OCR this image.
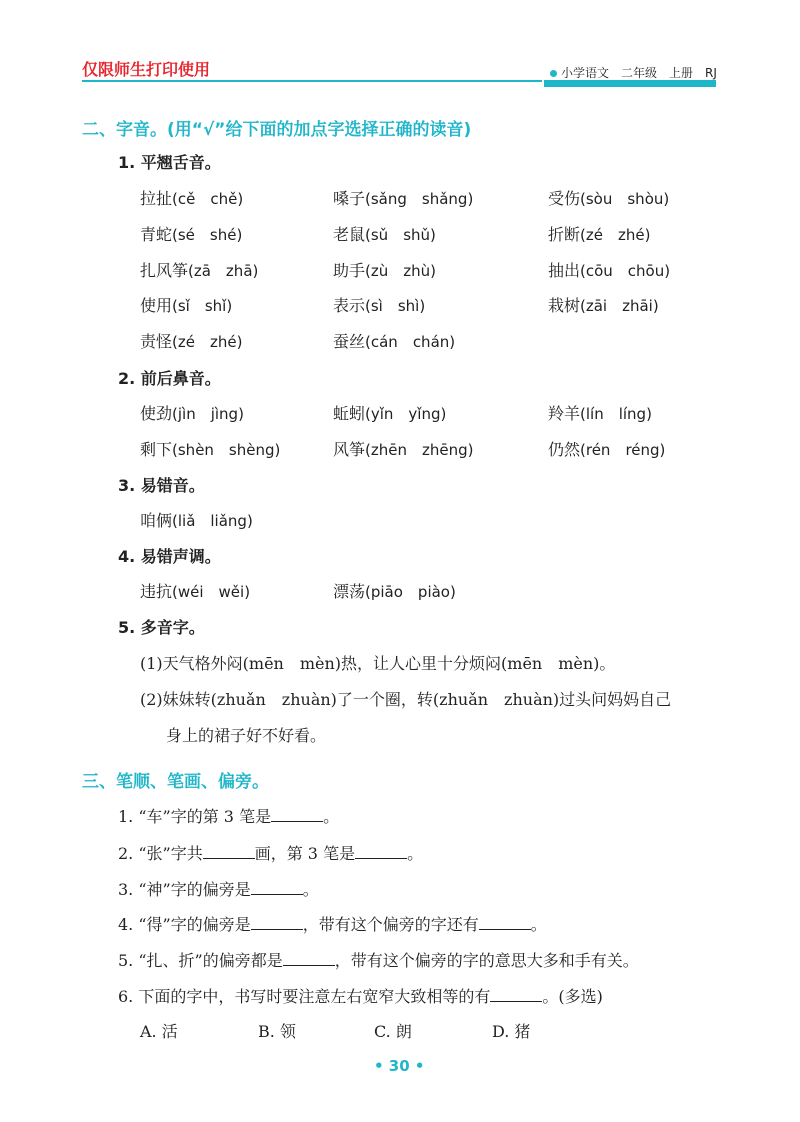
仅限师生打印使用	小学语文 二年级 上册 RJ
二、字音。(用“√”给下面的加点字选择正确的读音)
1. 平翘舌音。
拉扯(cě　chě)	嗓子(sǎng　shǎng)	受伤(sòu　shòu)
青蛇(sé　shé)	老鼠(sǔ　shǔ)	折断(zé　zhé)
扎风筝(zā　zhā)	助手(zù　zhù)	抽出(cōu　chōu)
使用(sǐ　shǐ)	表示(sì　shì)	栽树(zāi　zhāi)
责怪(zé　zhé)	蚕丝(cán　chán)
2. 前后鼻音。
使劲(jìn　jìng)	蚯蚓(yǐn　yǐng)	羚羊(lín　líng)
剩下(shèn　shèng)	风筝(zhēn　zhēng)	仍然(rén　réng)
3. 易错音。
咱俩(liǎ　liǎng)
4. 易错声调。
违抗(wéi　wěi)	漂荡(piāo　piào)
5. 多音字。
(1)天气格外闷(mēn　mèn)热，让人心里十分烦闷(mēn　mèn)。
(2)妹妹转(zhuǎn　zhuàn)了一个圈，转(zhuǎn　zhuàn)过头问妈妈自己
身上的裙子好不好看。
三、笔顺、笔画、偏旁。
1. “车”字的第 3 笔是	。
2. “张”字共	画，第 3 笔是	。
3. “神”字的偏旁是	。
4. “得”字的偏旁是	，带有这个偏旁的字还有	。
5. “扎、折”的偏旁都是	，带有这个偏旁的字的意思大多和手有关。
6. 下面的字中，书写时要注意左右宽窄大致相等的有	。(多选)
A. 活	B. 领	C. 朗	D. 猪
• 30 •
